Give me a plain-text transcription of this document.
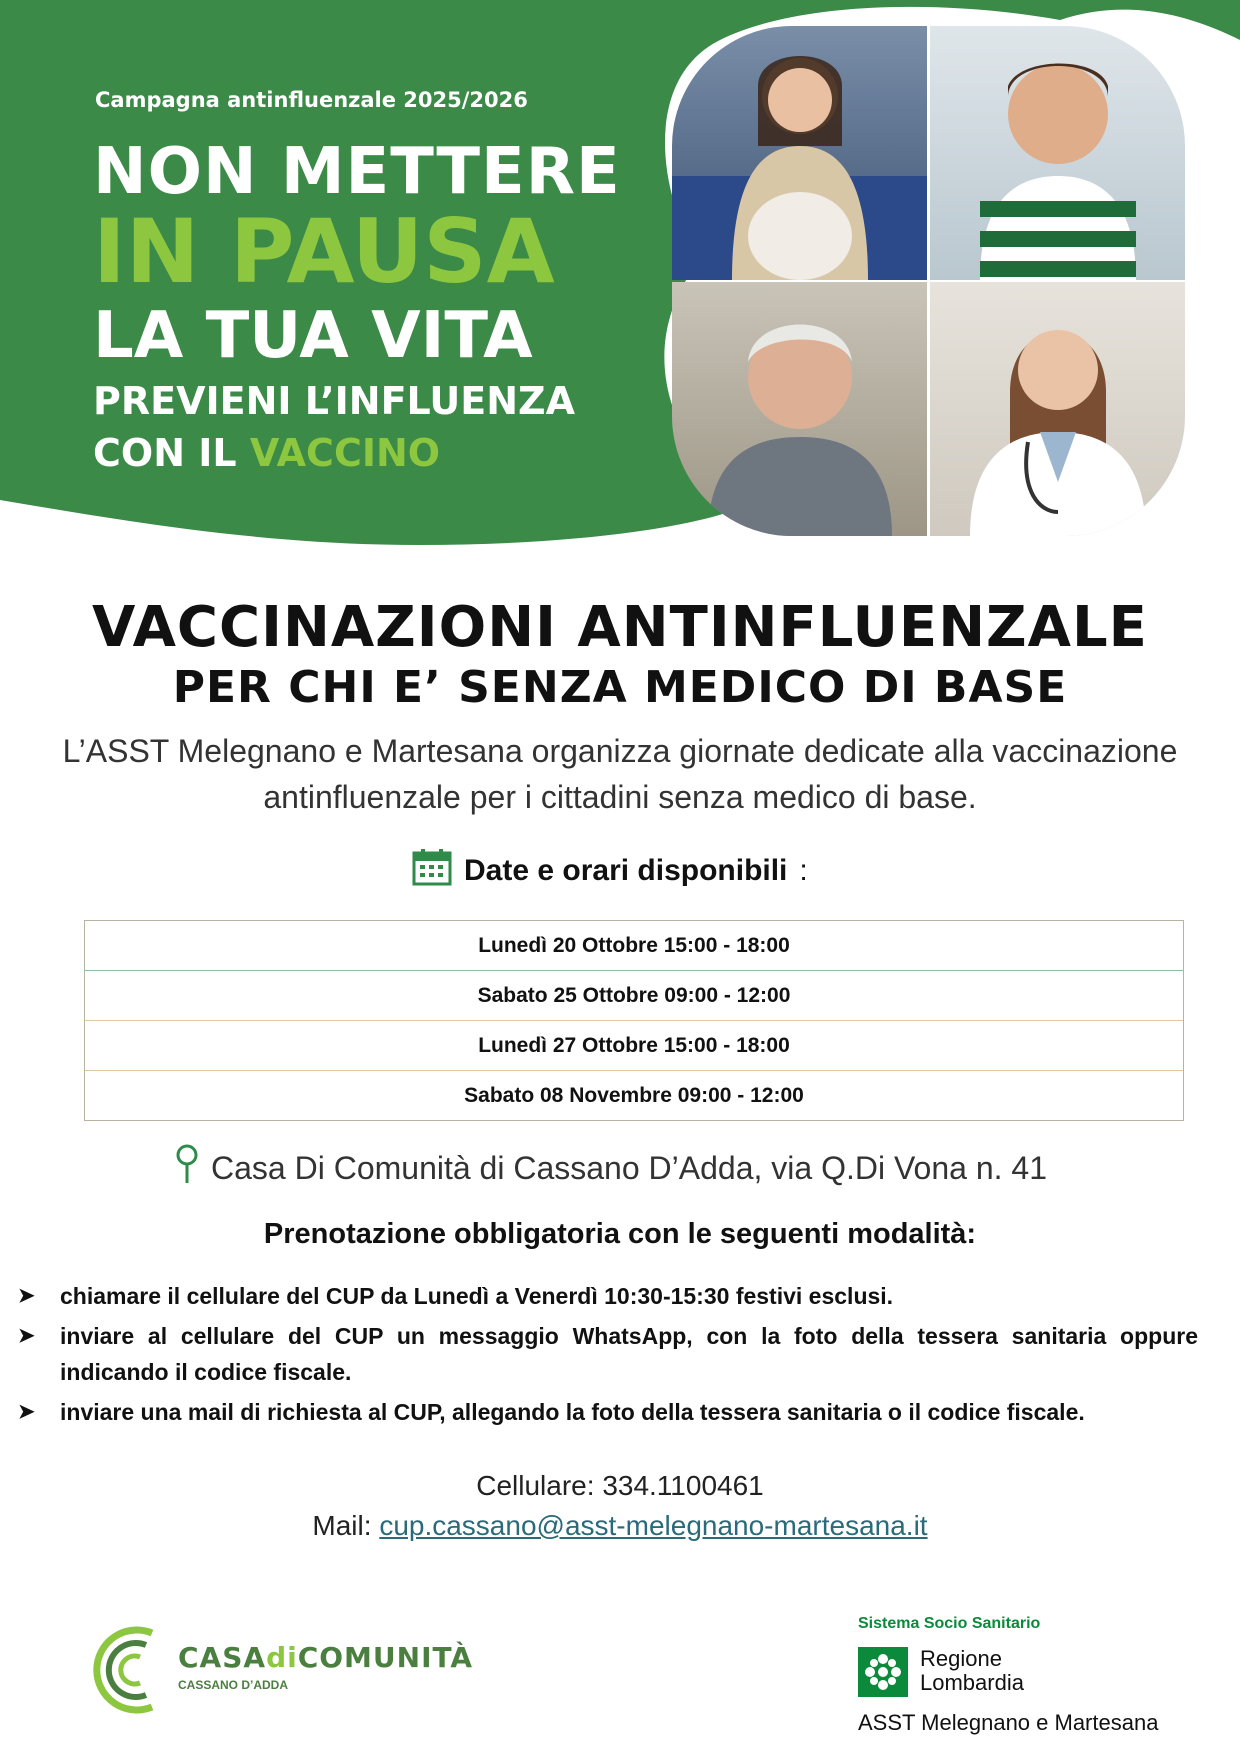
Campagna antinfluenzale 2025/2026
NON METTERE
IN PAUSA
LA TUA VITA
PREVIENI L’INFLUENZA
CON IL VACCINO
VACCINAZIONI ANTINFLUENZALE
PER CHI E’ SENZA MEDICO DI BASE
L’ASST Melegnano e Martesana organizza giornate dedicate alla vaccinazione antinfluenzale per i cittadini senza medico di base.
Date e orari disponibili :
Lunedì 20 Ottobre 15:00 - 18:00
Sabato 25 Ottobre 09:00 - 12:00
Lunedì 27 Ottobre 15:00 - 18:00
Sabato 08 Novembre 09:00 - 12:00
Casa Di Comunità di Cassano D’Adda, via Q.Di Vona n. 41
Prenotazione obbligatoria con le seguenti modalità:
➤	chiamare il cellulare del CUP da Lunedì a Venerdì 10:30-15:30 festivi esclusi.
➤	inviare al cellulare del CUP un messaggio WhatsApp, con la foto della tessera sanitaria oppure indicando il codice fiscale.
➤	inviare una mail di richiesta al CUP, allegando la foto della tessera sanitaria o il codice fiscale.
Cellulare: 334.1100461
Mail: cup.cassano@asst-melegnano-martesana.it
CASAdiCOMUNITÀ
CASSANO D’ADDA
Sistema Socio Sanitario
Regione
Lombardia
ASST Melegnano e Martesana
